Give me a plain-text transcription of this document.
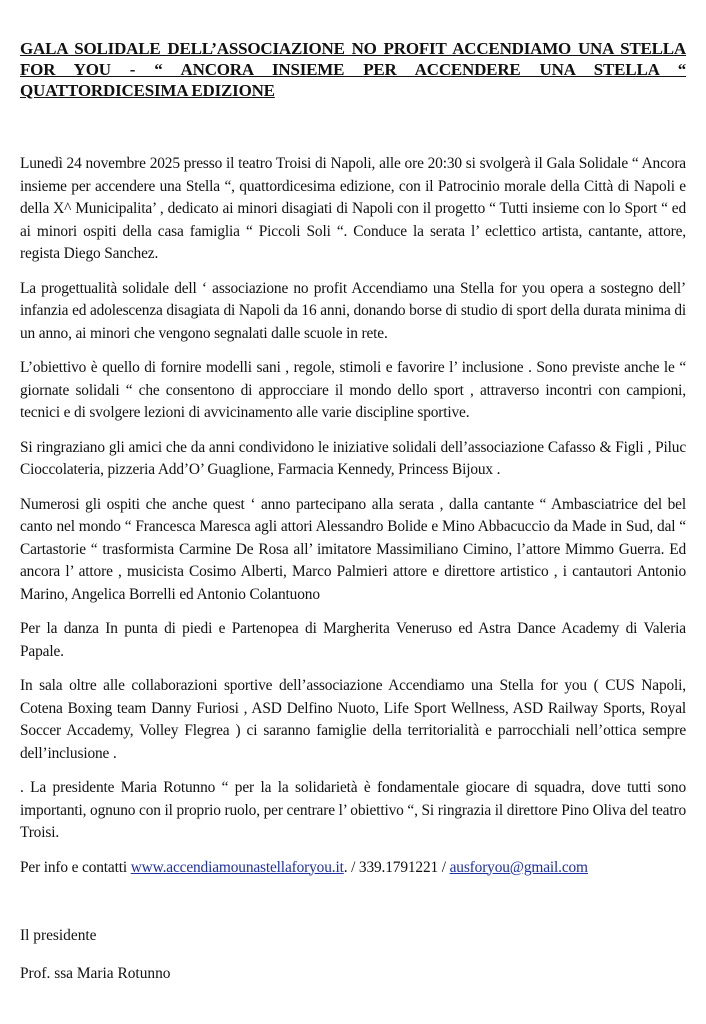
GALA SOLIDALE DELL’ASSOCIAZIONE NO PROFIT ACCENDIAMO UNA STELLA FOR YOU - “ ANCORA INSIEME PER ACCENDERE UNA STELLA “ QUATTORDICESIMA EDIZIONE

Lunedì 24 novembre 2025 presso il teatro Troisi di Napoli, alle ore 20:30 si svolgerà il Gala Solidale “ Ancora insieme per accendere una Stella “, quattordicesima edizione, con il Patrocinio morale della Città di Napoli e della X^ Municipalita’ , dedicato ai minori disagiati di Napoli con il progetto “ Tutti insieme con lo Sport “ ed ai minori ospiti della casa famiglia “ Piccoli Soli “. Conduce la serata l’ eclettico artista, cantante, attore, regista Diego Sanchez.

La progettualità solidale dell ‘ associazione no profit Accendiamo una Stella for you opera a sostegno dell’ infanzia ed adolescenza disagiata di Napoli da 16 anni, donando borse di studio di sport della durata minima di un anno, ai minori che vengono segnalati dalle scuole in rete.

L’obiettivo è quello di fornire modelli sani , regole, stimoli e favorire l’ inclusione . Sono previste anche le “ giornate solidali “ che consentono di approcciare il mondo dello sport , attraverso incontri con campioni, tecnici e di svolgere lezioni di avvicinamento alle varie discipline sportive.

Si ringraziano gli amici che da anni condividono le iniziative solidali dell’associazione Cafasso & Figli , Piluc Cioccolateria, pizzeria Add’O’ Guaglione, Farmacia Kennedy, Princess Bijoux .

Numerosi gli ospiti che anche quest ‘ anno partecipano alla serata , dalla cantante “ Ambasciatrice del bel canto nel mondo “ Francesca Maresca agli attori Alessandro Bolide e Mino Abbacuccio da Made in Sud, dal “ Cartastorie “ trasformista Carmine De Rosa all’ imitatore Massimiliano Cimino, l’attore Mimmo Guerra. Ed ancora l’ attore , musicista Cosimo Alberti, Marco Palmieri attore e direttore artistico , i cantautori Antonio Marino, Angelica Borrelli ed Antonio Colantuono

Per la danza In punta di piedi e Partenopea di Margherita Veneruso ed Astra Dance Academy di Valeria Papale.

In sala oltre alle collaborazioni sportive dell’associazione Accendiamo una Stella for you ( CUS Napoli, Cotena Boxing team Danny Furiosi , ASD Delfino Nuoto, Life Sport Wellness, ASD Railway Sports, Royal Soccer Accademy, Volley Flegrea ) ci saranno famiglie della territorialità e parrocchiali nell’ottica sempre dell’inclusione .

. La presidente Maria Rotunno “ per la la solidarietà è fondamentale giocare di squadra, dove tutti sono importanti, ognuno con il proprio ruolo, per centrare l’ obiettivo “, Si ringrazia il direttore Pino Oliva del teatro Troisi.

Per info e contatti www.accendiamounastellaforyou.it. / 339.1791221 / ausforyou@gmail.com

Il presidente

Prof. ssa Maria Rotunno
